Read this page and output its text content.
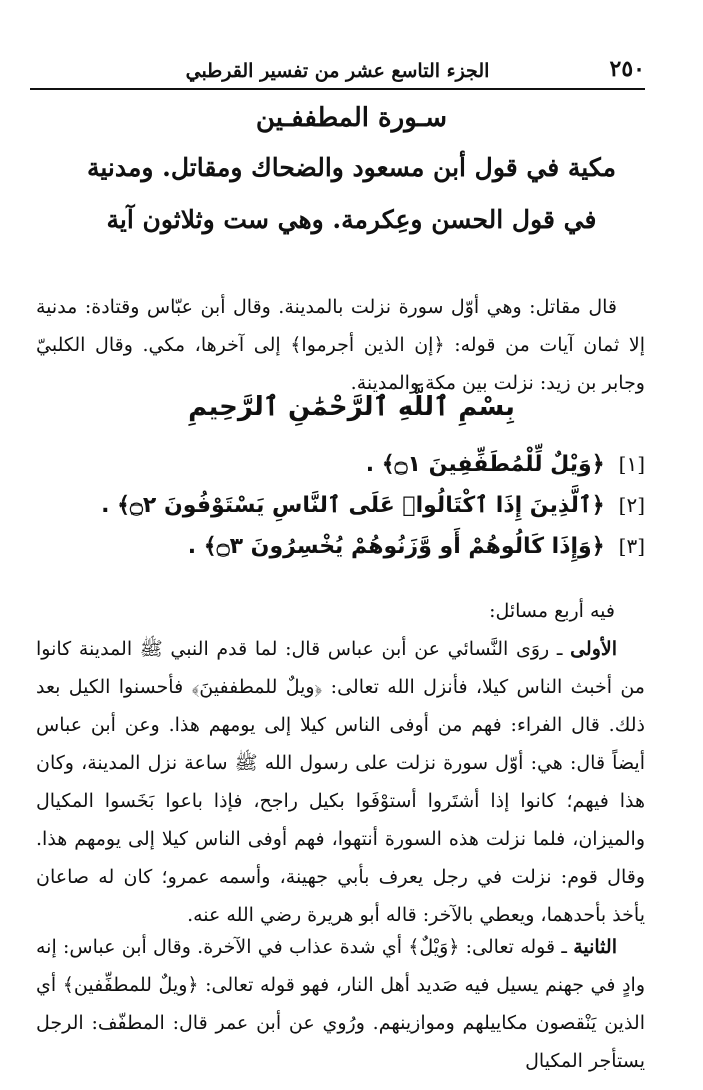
٢٥٠
الجزء التاسع عشر من تفسير القرطبي
سـورة المطففـين
مكية في قول أبن مسعود والضحاك ومقاتل. ومدنية في قول الحسن وعِكرمة. وهي ست وثلاثون آية

قال مقاتل: وهي أوّل سورة نزلت بالمدينة. وقال أبن عبّاس وقتادة: مدنية إلا ثمان آيات من قوله: ﴿إن الذين أجرموا﴾ إلى آخرها، مكي. وقال الكلبيّ وجابر بن زيد: نزلت بين مكة والمدينة.

بِسْمِ ٱللَّهِ ٱلرَّحْمَٰنِ ٱلرَّحِيمِ
[١]﴿وَيْلٌ لِّلْمُطَفِّفِينَ ۝١﴾ .
[٢]﴿ٱلَّذِينَ إِذَا ٱكْتَالُوا۟ عَلَى ٱلنَّاسِ يَسْتَوْفُونَ ۝٢﴾ .
[٣]﴿وَإِذَا كَالُوهُمْ أَو وَّزَنُوهُمْ يُخْسِرُونَ ۝٣﴾ .
فيه أربع مسائل:

الأولى ـ روَى النَّسائي عن أبن عباس قال: لما قدم النبي ﷺ المدينة كانوا من أخبث الناس كيلا، فأنزل الله تعالى: ﴿ويلٌ للمطففينَ﴾ فأحسنوا الكيل بعد ذلك. قال الفراء: فهم من أوفى الناس كيلا إلى يومهم هذا. وعن أبن عباس أيضاً قال: هي: أوّل سورة نزلت على رسول الله ﷺ ساعة نزل المدينة، وكان هذا فيهم؛ كانوا إذا أشتَروا أستوْفَوا بكيل راجح، فإذا باعوا بَخَسوا المكيال والميزان، فلما نزلت هذه السورة أنتهوا، فهم أوفى الناس كيلا إلى يومهم هذا. وقال قوم: نزلت في رجل يعرف بأبي جهينة، وأسمه عمرو؛ كان له صاعان يأخذ بأحدهما، ويعطي بالآخر: قاله أبو هريرة رضي الله عنه.

الثانية ـ قوله تعالى: ﴿وَيْلٌ﴾ أي شدة عذاب في الآخرة. وقال أبن عباس: إنه وادٍ في جهنم يسيل فيه صَديد أهل النار، فهو قوله تعالى: ﴿ويلٌ للمطفِّفين﴾ أي الذين يَنْقصون مكاييلهم وموازينهم. ورُوي عن أبن عمر قال: المطفّف: الرجل يستأجر المكيال
